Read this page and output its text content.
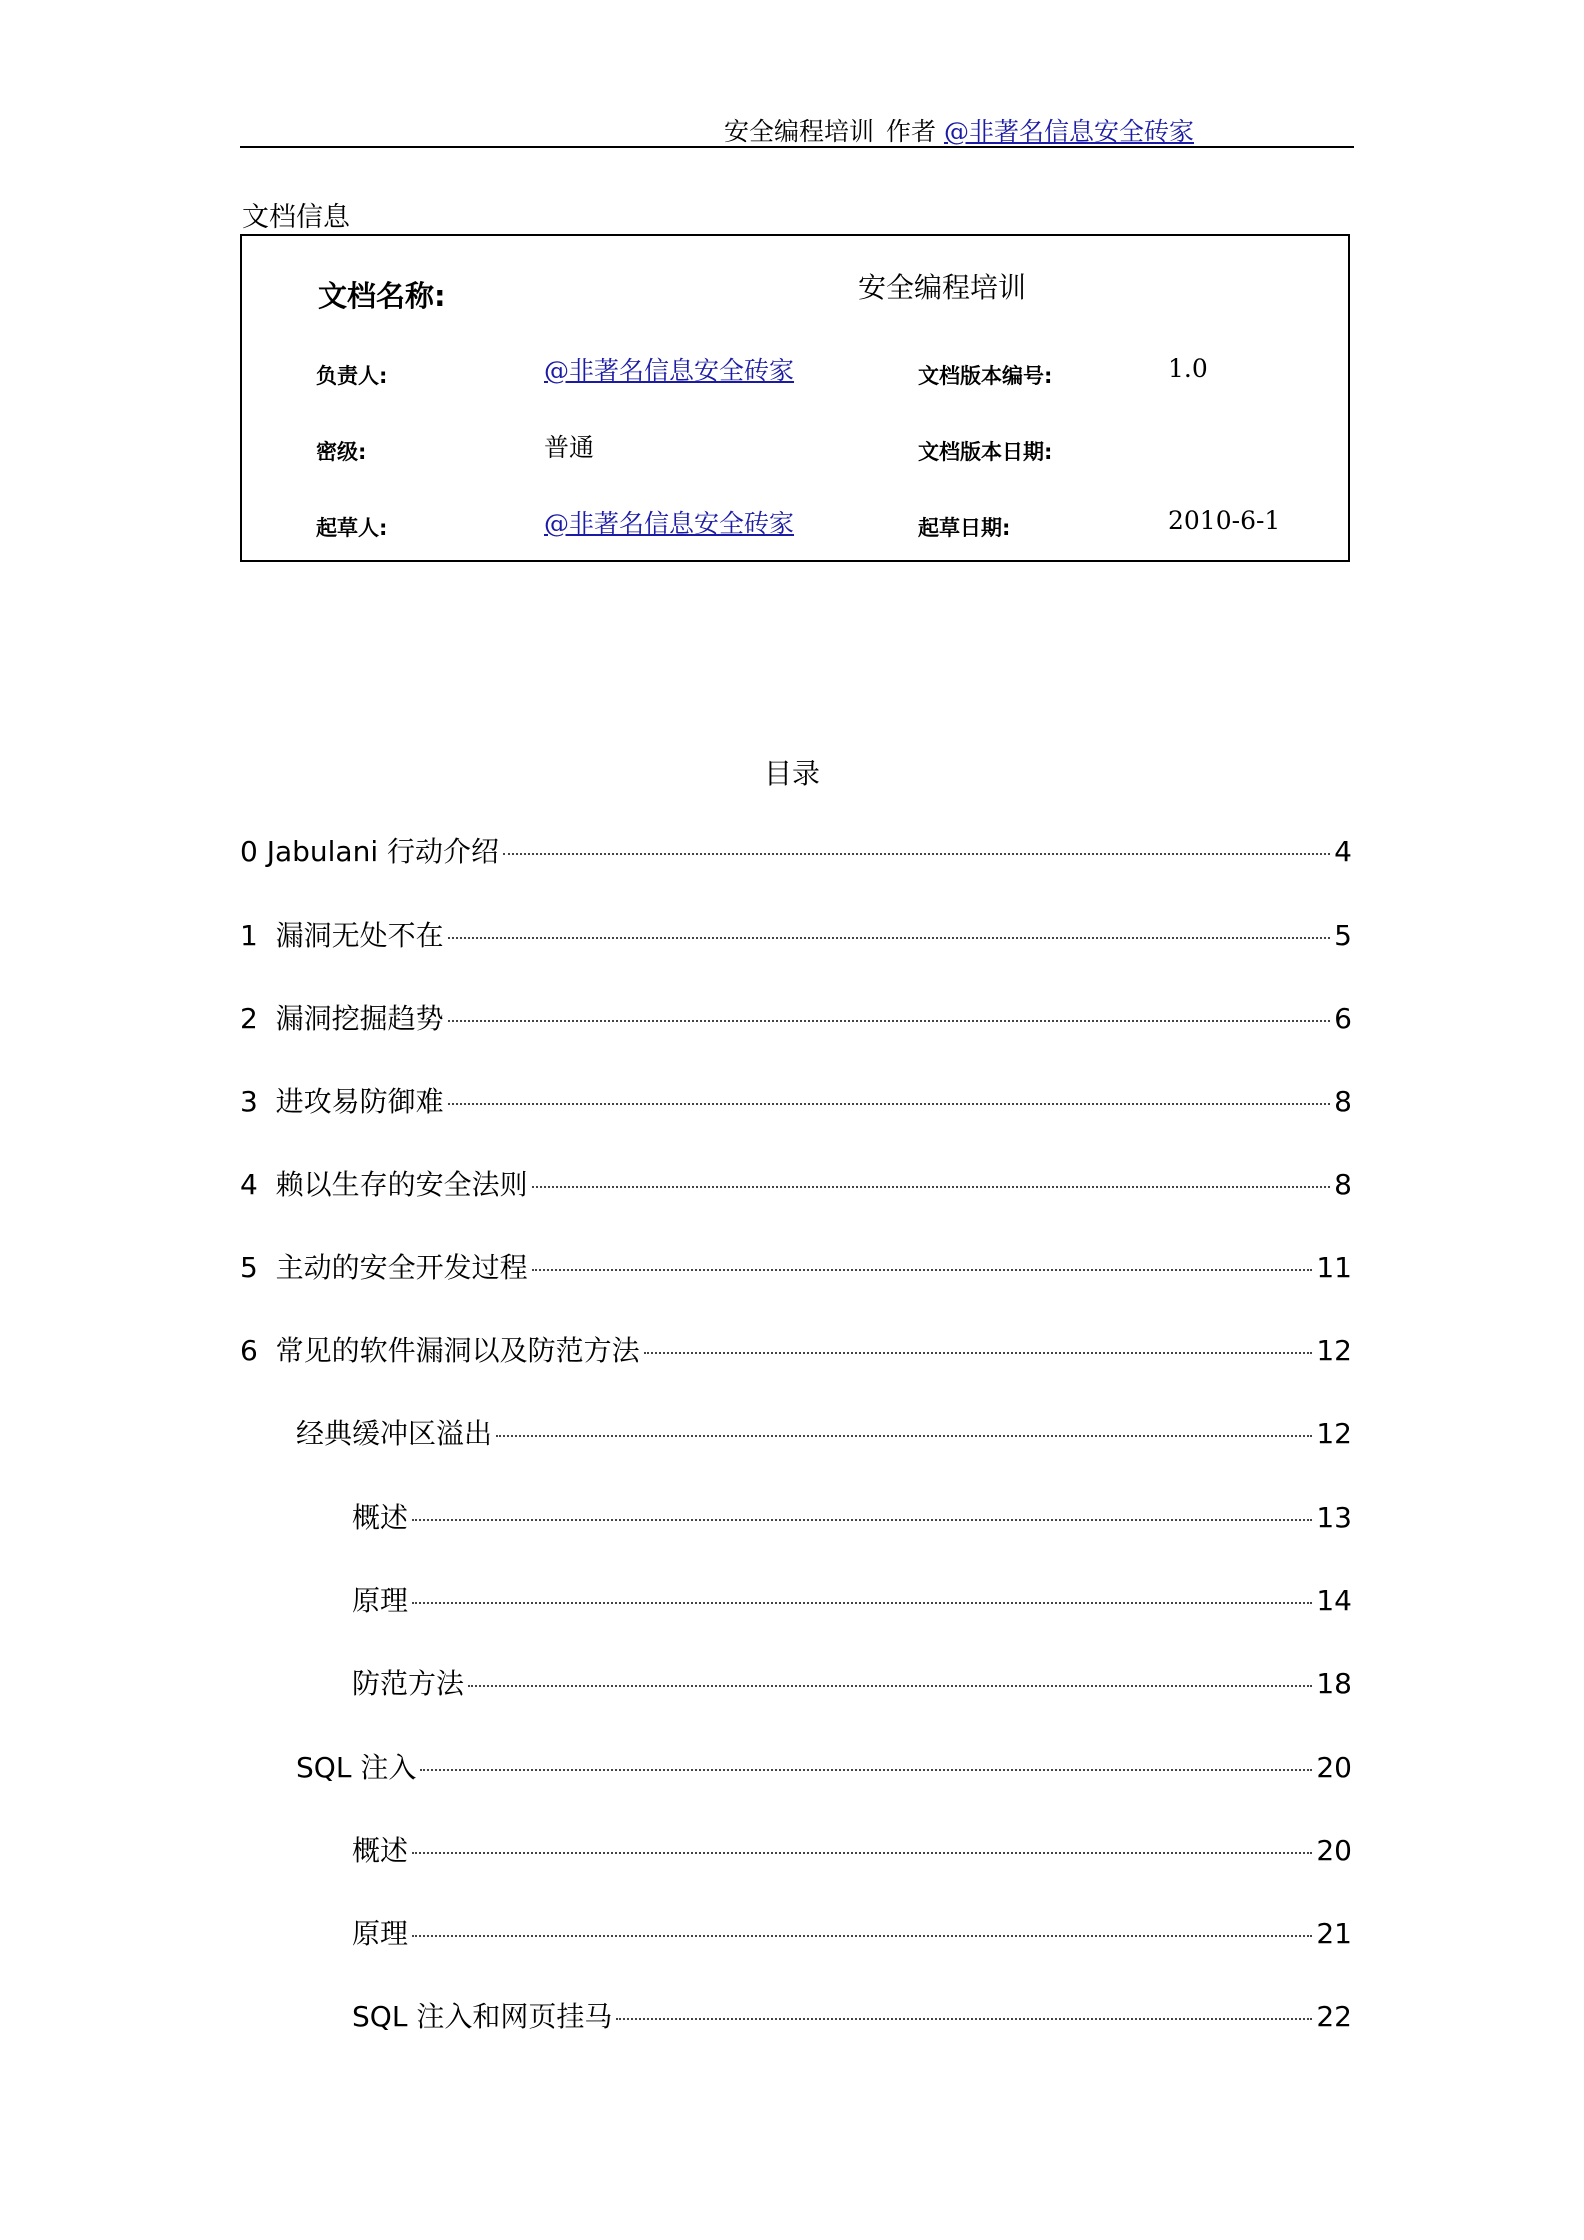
安全编程培训 作者 @非著名信息安全砖家
文档信息
文档名称:	安全编程培训
负责人:	@非著名信息安全砖家	文档版本编号:	1.0
密级:	普通	文档版本日期:
起草人:	@非著名信息安全砖家	起草日期:	2010-6-1
目录
0 Jabulani 行动介绍	4
1 漏洞无处不在	5
2 漏洞挖掘趋势	6
3 进攻易防御难	8
4 赖以生存的安全法则	8
5 主动的安全开发过程	11
6 常见的软件漏洞以及防范方法	12
经典缓冲区溢出	12
概述	13
原理	14
防范方法	18
SQL 注入	20
概述	20
原理	21
SQL 注入和网页挂马	22
